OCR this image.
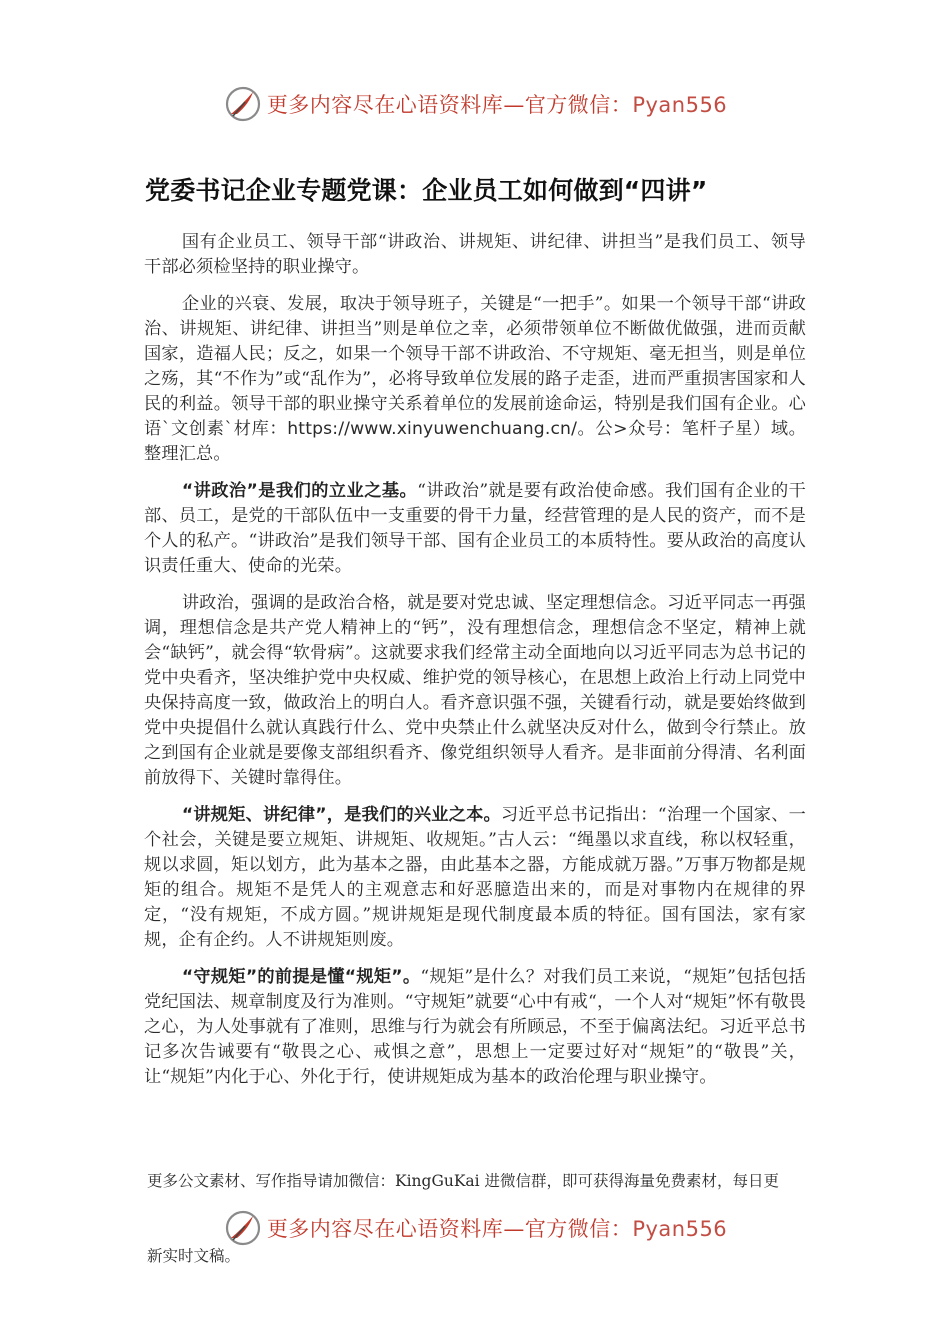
更多内容尽在心语资料库—官方微信：Pyan556
党委书记企业专题党课：企业员工如何做到“四讲”

国有企业员工、领导干部“讲政治、讲规矩、讲纪律、讲担当”是我们员工、领导干部必须检坚持的职业操守。

企业的兴衰、发展，取决于领导班子，关键是“一把手”。如果一个领导干部“讲政治、讲规矩、讲纪律、讲担当”则是单位之幸，必须带领单位不断做优做强，进而贡献国家，造福人民；反之，如果一个领导干部不讲政治、不守规矩、毫无担当，则是单位之殇，其“不作为”或“乱作为”，必将导致单位发展的路子走歪，进而严重损害国家和人民的利益。领导干部的职业操守关系着单位的发展前途命运，特别是我们国有企业。心语`文创素`材库：https://www.xinyuwenchuang.cn/。公>众号：笔杆子星）域。整理汇总。

“讲政治”是我们的立业之基。“讲政治”就是要有政治使命感。我们国有企业的干部、员工，是党的干部队伍中一支重要的骨干力量，经营管理的是人民的资产，而不是个人的私产。“讲政治”是我们领导干部、国有企业员工的本质特性。要从政治的高度认识责任重大、使命的光荣。

讲政治，强调的是政治合格，就是要对党忠诚、坚定理想信念。习近平同志一再强调，理想信念是共产党人精神上的“钙”，没有理想信念，理想信念不坚定，精神上就会“缺钙”，就会得“软骨病”。这就要求我们经常主动全面地向以习近平同志为总书记的党中央看齐，坚决维护党中央权威、维护党的领导核心，在思想上政治上行动上同党中央保持高度一致，做政治上的明白人。看齐意识强不强，关键看行动，就是要始终做到党中央提倡什么就认真践行什么、党中央禁止什么就坚决反对什么，做到令行禁止。放之到国有企业就是要像支部组织看齐、像党组织领导人看齐。是非面前分得清、名利面前放得下、关键时靠得住。

“讲规矩、讲纪律”，是我们的兴业之本。习近平总书记指出：“治理一个国家、一个社会，关键是要立规矩、讲规矩、收规矩。”古人云：“绳墨以求直线，称以权轻重，规以求圆，矩以划方，此为基本之器，由此基本之器，方能成就万器。”万事万物都是规矩的组合。规矩不是凭人的主观意志和好恶臆造出来的，而是对事物内在规律的界定，“没有规矩，不成方圆。”规讲规矩是现代制度最本质的特征。国有国法，家有家规，企有企约。人不讲规矩则废。

“守规矩”的前提是懂“规矩”。“规矩”是什么？对我们员工来说，“规矩”包括包括党纪国法、规章制度及行为准则。“守规矩”就要“心中有戒“，一个人对“规矩”怀有敬畏之心，为人处事就有了准则，思维与行为就会有所顾忌，不至于偏离法纪。习近平总书记多次告诫要有“敬畏之心、戒惧之意”，思想上一定要过好对“规矩”的“敬畏”关，让“规矩”内化于心、外化于行，使讲规矩成为基本的政治伦理与职业操守。

更多公文素材、写作指导请加微信：KingGuKai 进微信群，即可获得海量免费素材，每日更
更多内容尽在心语资料库—官方微信：Pyan556
新实时文稿。
